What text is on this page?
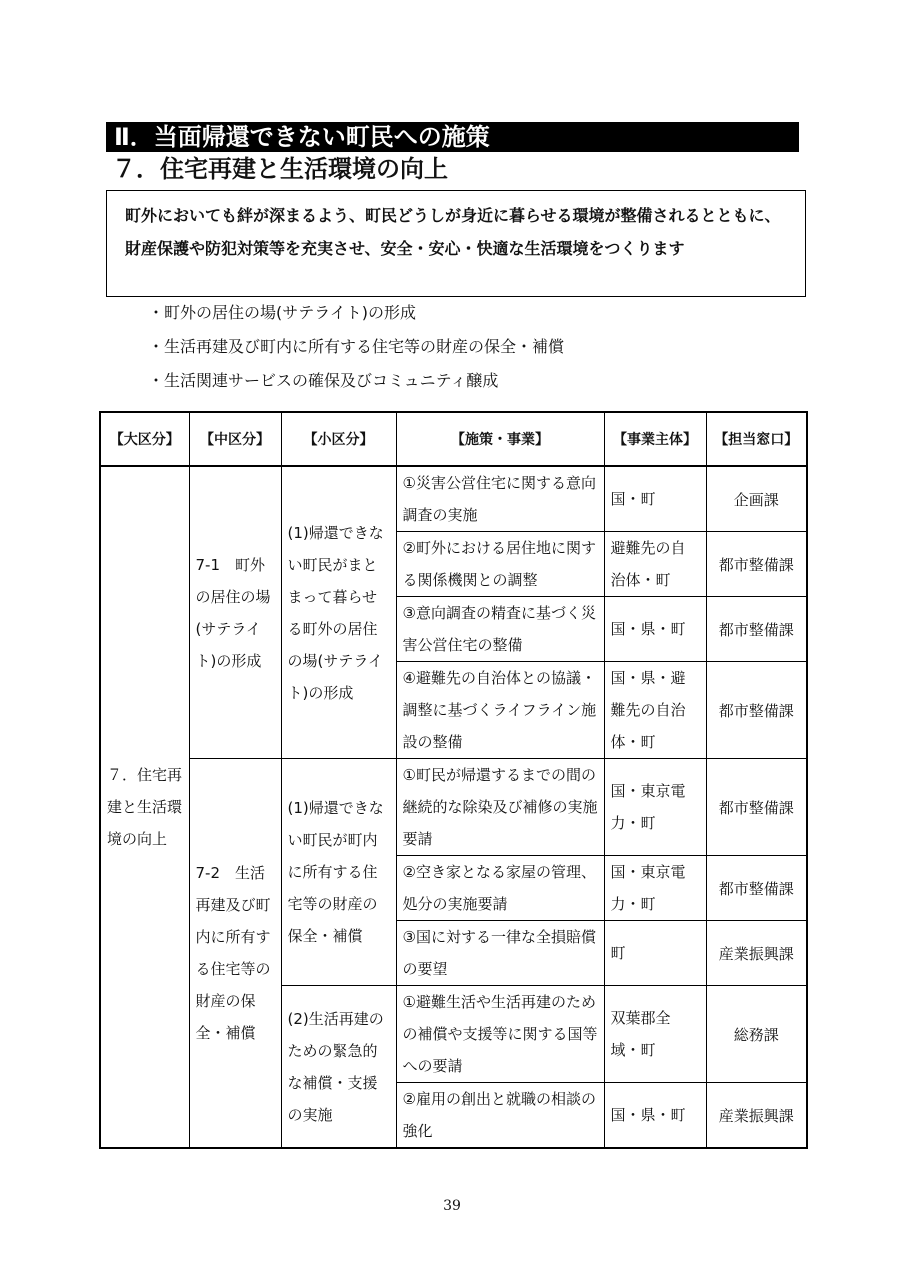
Ⅱ．当面帰還できない町民への施策
７．住宅再建と生活環境の向上
町外においても絆が深まるよう、町民どうしが身近に暮らせる環境が整備されるとともに、財産保護や防犯対策等を充実させ、安全・安心・快適な生活環境をつくります
・町外の居住の場(サテライト)の形成
・生活再建及び町内に所有する住宅等の財産の保全・補償
・生活関連サービスの確保及びコミュニティ醸成
【大区分】	【中区分】	【小区分】	【施策・事業】	【事業主体】	【担当窓口】
７．住宅再建と生活環境の向上	7-1　町外の居住の場(サテライト)の形成	(1)帰還できない町民がまとまって暮らせる町外の居住の場(サテライト)の形成	①災害公営住宅に関する意向調査の実施	国・町	企画課
			②町外における居住地に関する関係機関との調整	避難先の自治体・町	都市整備課
			③意向調査の精査に基づく災害公営住宅の整備	国・県・町	都市整備課
			④避難先の自治体との協議・調整に基づくライフライン施設の整備	国・県・避難先の自治体・町	都市整備課
	7-2　生活再建及び町内に所有する住宅等の財産の保全・補償	(1)帰還できない町民が町内に所有する住宅等の財産の保全・補償	①町民が帰還するまでの間の継続的な除染及び補修の実施要請	国・東京電力・町	都市整備課
			②空き家となる家屋の管理、処分の実施要請	国・東京電力・町	都市整備課
			③国に対する一律な全損賠償の要望	町	産業振興課
		(2)生活再建のための緊急的な補償・支援の実施	①避難生活や生活再建のための補償や支援等に関する国等への要請	双葉郡全域・町	総務課
			②雇用の創出と就職の相談の強化	国・県・町	産業振興課
39
